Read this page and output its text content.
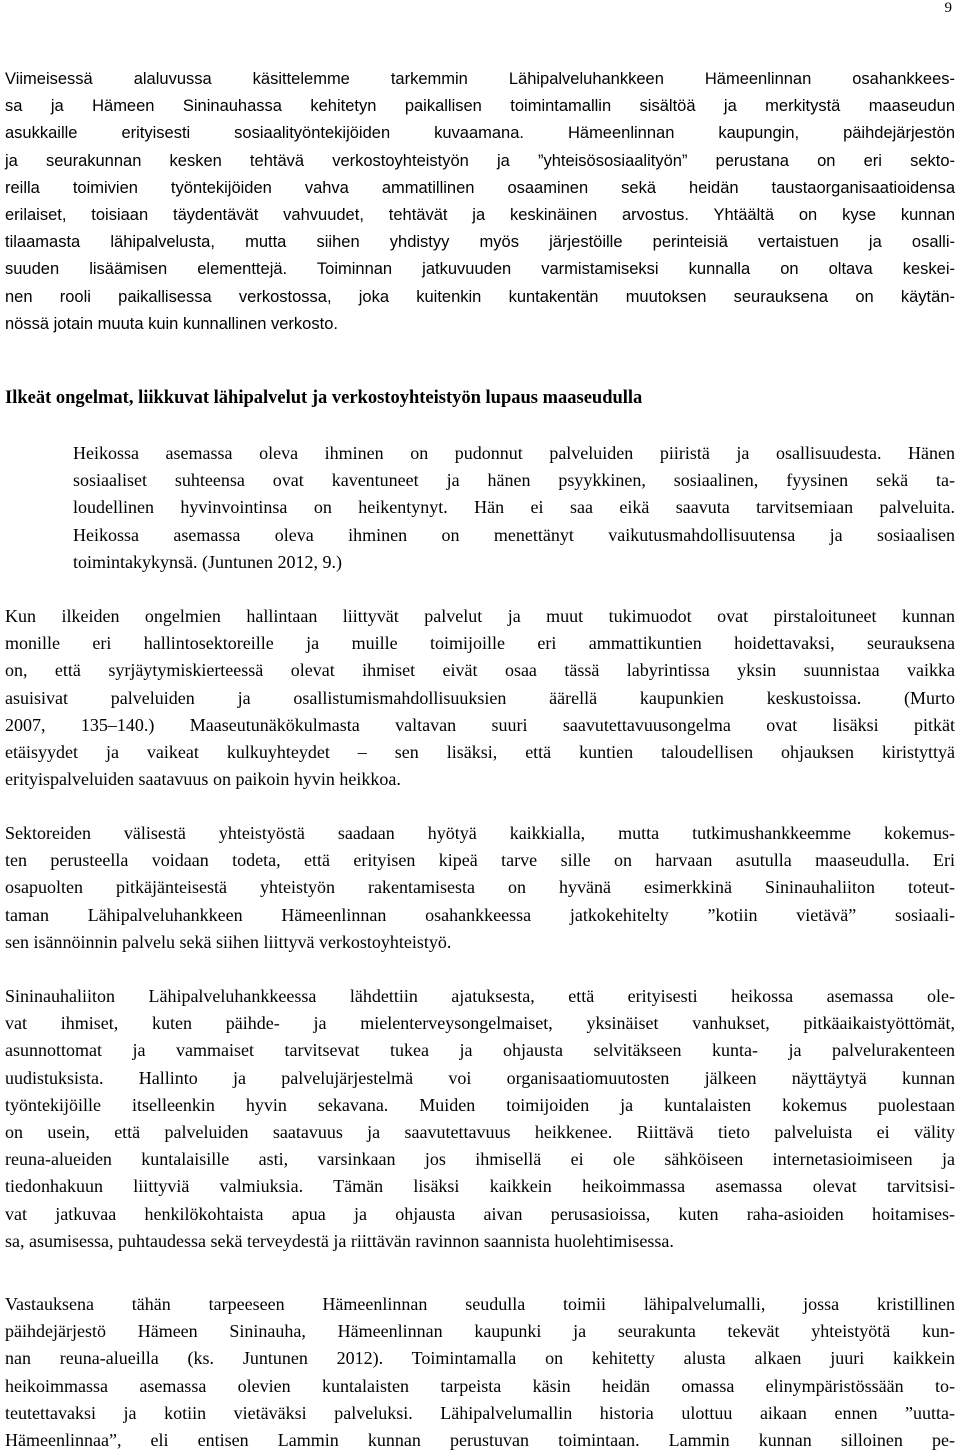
9
Viimeisessä alaluvussa käsittelemme tarkemmin Lähipalveluhankkeen Hämeenlinnan osahankkees-
sa ja Hämeen Sininauhassa kehitetyn paikallisen toimintamallin sisältöä ja merkitystä maaseudun
asukkaille erityisesti sosiaalityöntekijöiden kuvaamana. Hämeenlinnan kaupungin, päihdejärjestön
ja seurakunnan kesken tehtävä verkostoyhteistyön ja ”yhteisösosiaalityön” perustana on eri sekto-
reilla toimivien työntekijöiden vahva ammatillinen osaaminen sekä heidän taustaorganisaatioidensa
erilaiset, toisiaan täydentävät vahvuudet, tehtävät ja keskinäinen arvostus. Yhtäältä on kyse kunnan
tilaamasta lähipalvelusta, mutta siihen yhdistyy myös järjestöille perinteisiä vertaistuen ja osalli-
suuden lisäämisen elementtejä. Toiminnan jatkuvuuden varmistamiseksi kunnalla on oltava keskei-
nen rooli paikallisessa verkostossa, joka kuitenkin kuntakentän muutoksen seurauksena on käytän-
nössä jotain muuta kuin kunnallinen verkosto.
Ilkeät ongelmat, liikkuvat lähipalvelut ja verkostoyhteistyön lupaus maaseudulla
Heikossa asemassa oleva ihminen on pudonnut palveluiden piiristä ja osallisuudesta. Hänen
sosiaaliset suhteensa ovat kaventuneet ja hänen psyykkinen, sosiaalinen, fyysinen sekä ta-
loudellinen hyvinvointinsa on heikentynyt. Hän ei saa eikä saavuta tarvitsemiaan palveluita.
Heikossa asemassa oleva ihminen on menettänyt vaikutusmahdollisuutensa ja sosiaalisen
toimintakykynsä. (Juntunen 2012, 9.)
Kun ilkeiden ongelmien hallintaan liittyvät palvelut ja muut tukimuodot ovat pirstaloituneet kunnan
monille eri hallintosektoreille ja muille toimijoille eri ammattikuntien hoidettavaksi, seurauksena
on, että syrjäytymiskierteessä olevat ihmiset eivät osaa tässä labyrintissa yksin suunnistaa vaikka
asuisivat palveluiden ja osallistumismahdollisuuksien äärellä kaupunkien keskustoissa. (Murto
2007, 135–140.) Maaseutunäkökulmasta valtavan suuri saavutettavuusongelma ovat lisäksi pitkät
etäisyydet ja vaikeat kulkuyhteydet – sen lisäksi, että kuntien taloudellisen ohjauksen kiristyttyä
erityispalveluiden saatavuus on paikoin hyvin heikkoa.
Sektoreiden välisestä yhteistyöstä saadaan hyötyä kaikkialla, mutta tutkimushankkeemme kokemus-
ten perusteella voidaan todeta, että erityisen kipeä tarve sille on harvaan asutulla maaseudulla. Eri
osapuolten pitkäjänteisestä yhteistyön rakentamisesta on hyvänä esimerkkinä Sininauhaliiton toteut-
taman Lähipalveluhankkeen Hämeenlinnan osahankkeessa jatkokehitelty ”kotiin vietävä” sosiaali-
sen isännöinnin palvelu sekä siihen liittyvä verkostoyhteistyö.
Sininauhaliiton Lähipalveluhankkeessa lähdettiin ajatuksesta, että erityisesti heikossa asemassa ole-
vat ihmiset, kuten päihde- ja mielenterveysongelmaiset, yksinäiset vanhukset, pitkäaikaistyöttömät,
asunnottomat ja vammaiset tarvitsevat tukea ja ohjausta selvitäkseen kunta- ja palvelurakenteen
uudistuksista. Hallinto ja palvelujärjestelmä voi organisaatiomuutosten jälkeen näyttäytyä kunnan
työntekijöille itselleenkin hyvin sekavana. Muiden toimijoiden ja kuntalaisten kokemus puolestaan
on usein, että palveluiden saatavuus ja saavutettavuus heikkenee. Riittävä tieto palveluista ei välity
reuna-alueiden kuntalaisille asti, varsinkaan jos ihmisellä ei ole sähköiseen internetasioimiseen ja
tiedonhakuun liittyviä valmiuksia. Tämän lisäksi kaikkein heikoimmassa asemassa olevat tarvitsisi-
vat jatkuvaa henkilökohtaista apua ja ohjausta aivan perusasioissa, kuten raha-asioiden hoitamises-
sa, asumisessa, puhtaudessa sekä terveydestä ja riittävän ravinnon saannista huolehtimisessa.
Vastauksena tähän tarpeeseen Hämeenlinnan seudulla toimii lähipalvelumalli, jossa kristillinen
päihdejärjestö Hämeen Sininauha, Hämeenlinnan kaupunki ja seurakunta tekevät yhteistyötä kun-
nan reuna-alueilla (ks. Juntunen 2012). Toimintamalla on kehitetty alusta alkaen juuri kaikkein
heikoimmassa asemassa olevien kuntalaisten tarpeista käsin heidän omassa elinympäristössään to-
teutettavaksi ja kotiin vietäväksi palveluksi. Lähipalvelumallin historia ulottuu aikaan ennen ”uutta-
Hämeenlinnaa”, eli entisen Lammin kunnan perustuvan toimintaan. Lammin kunnan silloinen pe-
